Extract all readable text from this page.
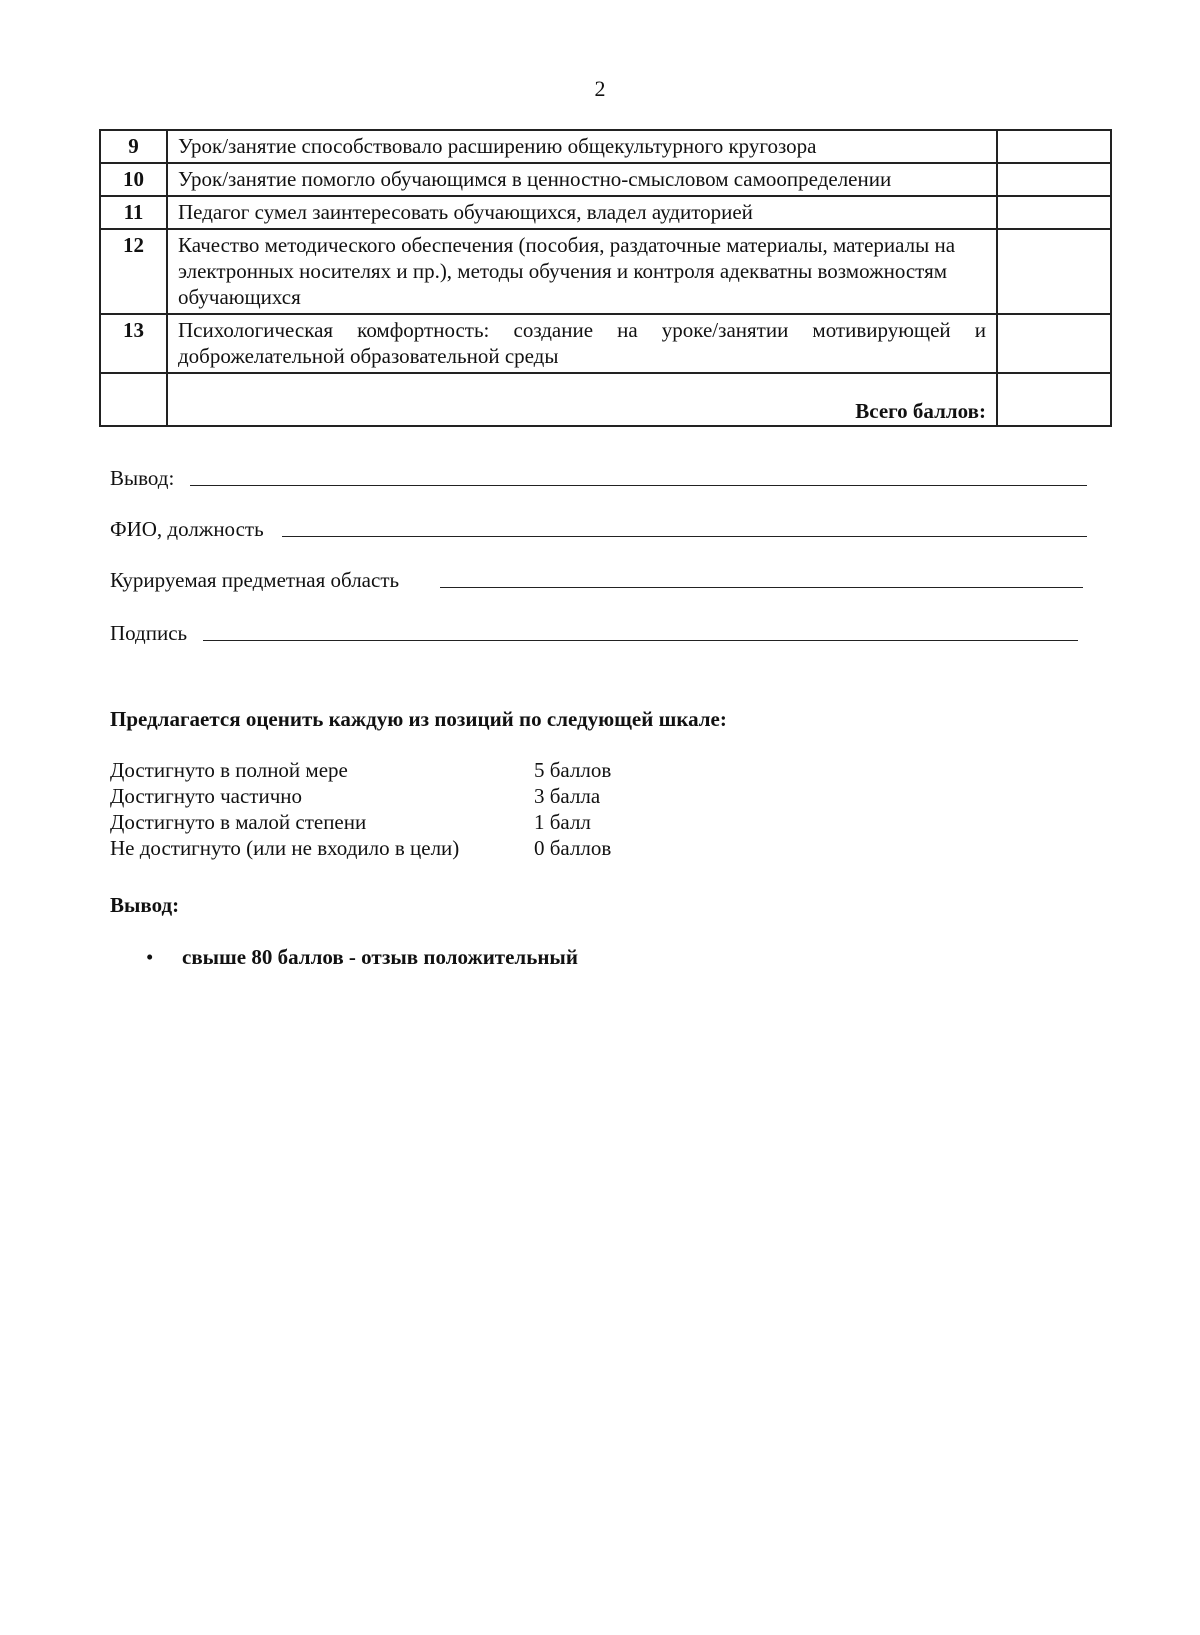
2
9	Урок/занятие способствовало расширению общекультурного кругозора	
10	Урок/занятие помогло обучающимся в ценностно-смысловом самоопределении	
11	Педагог сумел заинтересовать обучающихся, владел аудиторией	
12	Качество методического обеспечения (пособия, раздаточные материалы, материалы на электронных носителях и пр.), методы обучения и контроля адекватны возможностям обучающихся	
13	Психологическая комфортность: создание на уроке/занятии мотивирующей и доброжелательной образовательной среды	
	Всего баллов:	
Вывод:
ФИО, должность
Курируемая предметная область
Подпись
Предлагается оценить каждую из позиций по следующей шкале:
Достигнуто в полной мере	5 баллов
Достигнуто частично	3 балла
Достигнуто в малой степени	1 балл
Не достигнуто (или не входило в цели)	0 баллов
Вывод:
• свыше 80 баллов - отзыв положительный
